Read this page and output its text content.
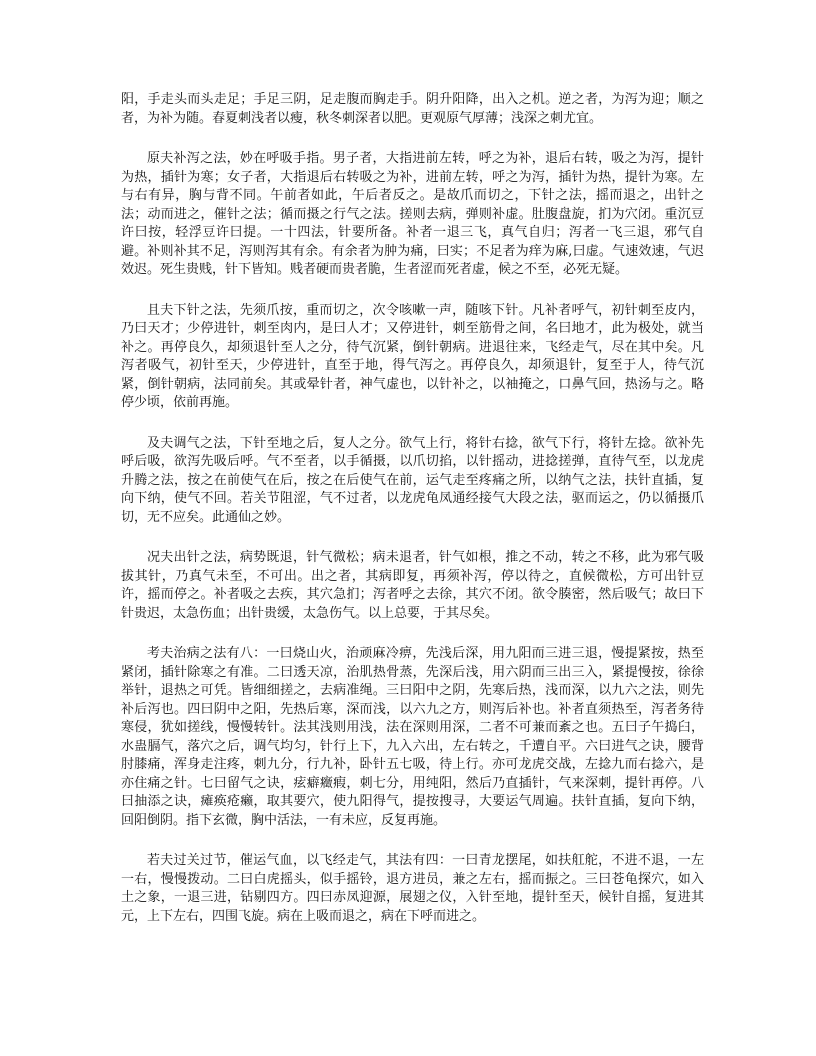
阳，手走头而头走足；手足三阴，足走腹而胸走手。阴升阳降，出入之机。逆之者，为泻为迎；顺之者，为补为随。春夏刺浅者以瘦，秋冬刺深者以肥。更观原气厚薄；浅深之刺尤宜。

原夫补泻之法，妙在呼吸手指。男子者，大指进前左转，呼之为补，退后右转，吸之为泻，提针为热，插针为寒；女子者，大指退后右转吸之为补，进前左转，呼之为泻，插针为热，提针为寒。左与右有异，胸与背不同。午前者如此，午后者反之。是故爪而切之，下针之法，摇而退之，出针之法；动而进之，催针之法；循而摄之行气之法。搓则去病，弹则补虚。肚腹盘旋，扪为穴闭。重沉豆许曰按，轻浮豆许曰提。一十四法，针要所备。补者一退三飞，真气自归；泻者一飞三退，邪气自避。补则补其不足，泻则泻其有余。有余者为肿为痛，曰实；不足者为痒为麻,曰虚。气速效速，气迟效迟。死生贵贱，针下皆知。贱者硬而贵者脆，生者涩而死者虚，候之不至，必死无疑。

且夫下针之法，先须爪按，重而切之，次令咳嗽一声，随咳下针。凡补者呼气，初针刺至皮内，乃曰天才；少停进针，刺至肉内，是曰人才；又停进针，刺至筋骨之间，名曰地才，此为极处，就当补之。再停良久，却须退针至人之分，待气沉紧，倒针朝病。进退往来，飞经走气，尽在其中矣。凡泻者吸气，初针至天，少停进针，直至于地，得气泻之。再停良久，却须退针，复至于人，待气沉紧，倒针朝病，法同前矣。其或晕针者，神气虚也，以针补之，以袖掩之，口鼻气回，热汤与之。略停少顷，依前再施。

及夫调气之法，下针至地之后，复人之分。欲气上行，将针右捻，欲气下行，将针左捻。欲补先呼后吸，欲泻先吸后呼。气不至者，以手循摄，以爪切掐，以针摇动，进捻搓弹，直待气至，以龙虎升腾之法，按之在前使气在后，按之在后使气在前，运气走至疼痛之所，以纳气之法，扶针直插，复向下纳，使气不回。若关节阻涩，气不过者，以龙虎龟凤通经接气大段之法，驱而运之，仍以循摄爪切，无不应矣。此通仙之妙。

况夫出针之法，病势既退，针气微松；病未退者，针气如根，推之不动，转之不移，此为邪气吸拔其针，乃真气未至，不可出。出之者，其病即复，再须补泻，停以待之，直候微松，方可出针豆许，摇而停之。补者吸之去疾，其穴急扪；泻者呼之去徐，其穴不闭。欲令腠密，然后吸气；故曰下针贵迟，太急伤血；出针贵缓，太急伤气。以上总要，于其尽矣。

考夫治病之法有八：一曰烧山火，治顽麻冷痹，先浅后深，用九阳而三进三退，慢提紧按，热至紧闭，插针除寒之有准。二曰透天凉，治肌热骨蒸，先深后浅，用六阴而三出三入，紧提慢按，徐徐举针，退热之可凭。皆细细搓之，去病准绳。三曰阳中之阴，先寒后热，浅而深，以九六之法，则先补后泻也。四曰阴中之阳，先热后寒，深而浅，以六九之方，则泻后补也。补者直须热至，泻者务待寒侵，犹如搓线，慢慢转针。法其浅则用浅，法在深则用深，二者不可兼而紊之也。五曰子午捣臼，水蛊膈气，落穴之后，调气均匀，针行上下，九入六出，左右转之，千遭自平。六曰进气之诀，腰背肘膝痛，浑身走注疼，刺九分，行九补，卧针五七吸，待上行。亦可龙虎交战，左捻九而右捻六，是亦住痛之针。七曰留气之诀，痃癖癥瘕，刺七分，用纯阳，然后乃直插针，气来深刺，提针再停。八曰抽添之诀，瘫痪疮癞，取其要穴，使九阳得气，提按搜寻，大要运气周遍。扶针直插，复向下纳，回阳倒阴。指下玄微，胸中活法，一有未应，反复再施。

若夫过关过节，催运气血，以飞经走气，其法有四：一曰青龙摆尾，如扶舡舵，不进不退，一左一右，慢慢拨动。二曰白虎摇头，似手摇铃，退方进员，兼之左右，摇而振之。三曰苍龟探穴，如入土之象，一退三进，钻剔四方。四曰赤凤迎源，展翅之仪，入针至地，提针至天，候针自摇，复进其元，上下左右，四围飞旋。病在上吸而退之，病在下呼而进之。
